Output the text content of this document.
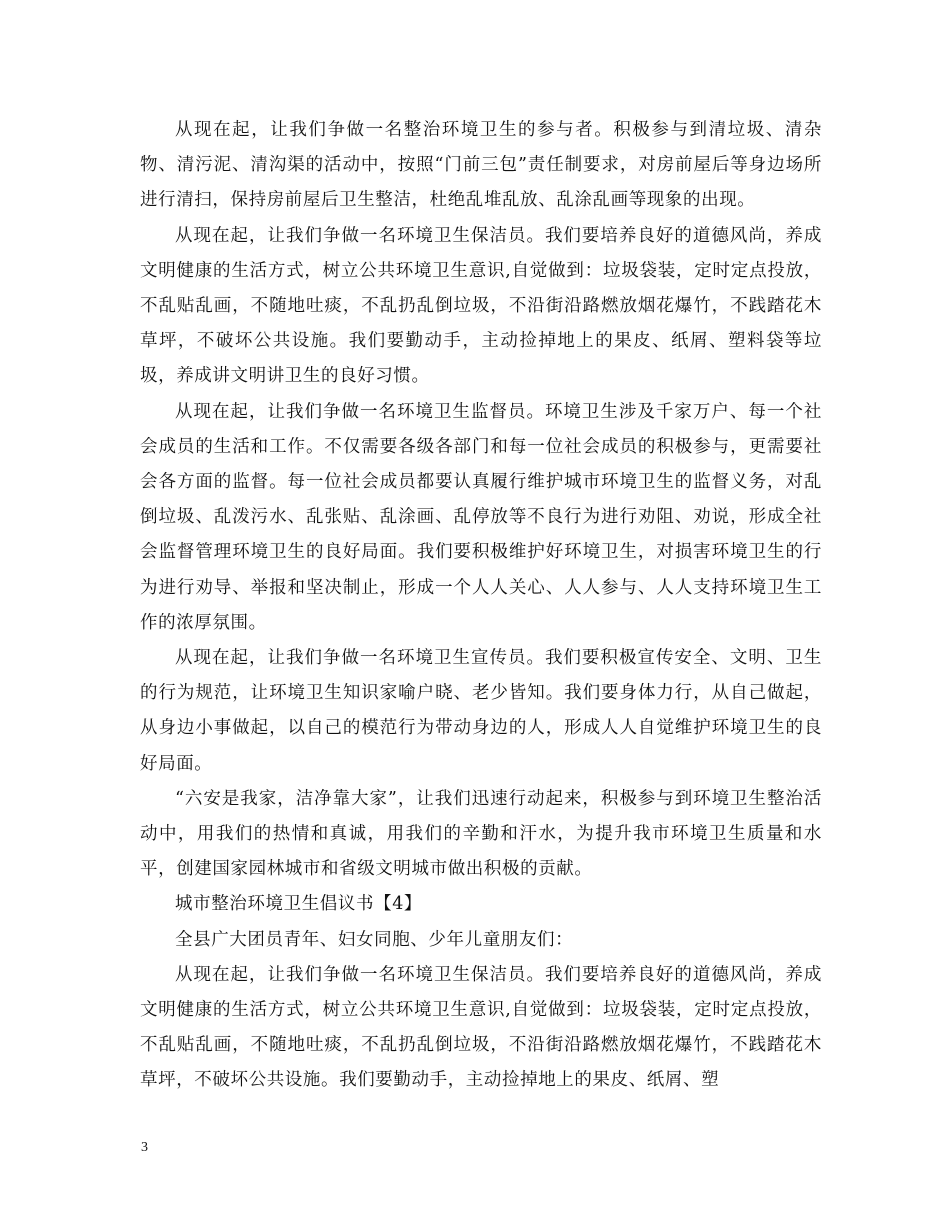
从现在起，让我们争做一名整治环境卫生的参与者。积极参与到清垃圾、清杂物、清污泥、清沟渠的活动中，按照“门前三包”责任制要求，对房前屋后等身边场所进行清扫，保持房前屋后卫生整洁，杜绝乱堆乱放、乱涂乱画等现象的出现。

从现在起，让我们争做一名环境卫生保洁员。我们要培养良好的道德风尚，养成文明健康的生活方式，树立公共环境卫生意识,自觉做到：垃圾袋装，定时定点投放，不乱贴乱画，不随地吐痰，不乱扔乱倒垃圾，不沿街沿路燃放烟花爆竹，不践踏花木草坪，不破坏公共设施。我们要勤动手，主动捡掉地上的果皮、纸屑、塑料袋等垃圾，养成讲文明讲卫生的良好习惯。

从现在起，让我们争做一名环境卫生监督员。环境卫生涉及千家万户、每一个社会成员的生活和工作。不仅需要各级各部门和每一位社会成员的积极参与，更需要社会各方面的监督。每一位社会成员都要认真履行维护城市环境卫生的监督义务，对乱倒垃圾、乱泼污水、乱张贴、乱涂画、乱停放等不良行为进行劝阻、劝说，形成全社会监督管理环境卫生的良好局面。我们要积极维护好环境卫生，对损害环境卫生的行为进行劝导、举报和坚决制止，形成一个人人关心、人人参与、人人支持环境卫生工作的浓厚氛围。

从现在起，让我们争做一名环境卫生宣传员。我们要积极宣传安全、文明、卫生的行为规范，让环境卫生知识家喻户晓、老少皆知。我们要身体力行，从自己做起，从身边小事做起，以自己的模范行为带动身边的人，形成人人自觉维护环境卫生的良好局面。

“六安是我家，洁净靠大家”，让我们迅速行动起来，积极参与到环境卫生整治活动中，用我们的热情和真诚，用我们的辛勤和汗水，为提升我市环境卫生质量和水平，创建国家园林城市和省级文明城市做出积极的贡献。

城市整治环境卫生倡议书【4】

全县广大团员青年、妇女同胞、少年儿童朋友们：

从现在起，让我们争做一名环境卫生保洁员。我们要培养良好的道德风尚，养成文明健康的生活方式，树立公共环境卫生意识,自觉做到：垃圾袋装，定时定点投放，不乱贴乱画，不随地吐痰，不乱扔乱倒垃圾，不沿街沿路燃放烟花爆竹，不践踏花木草坪，不破坏公共设施。我们要勤动手，主动捡掉地上的果皮、纸屑、塑

3
